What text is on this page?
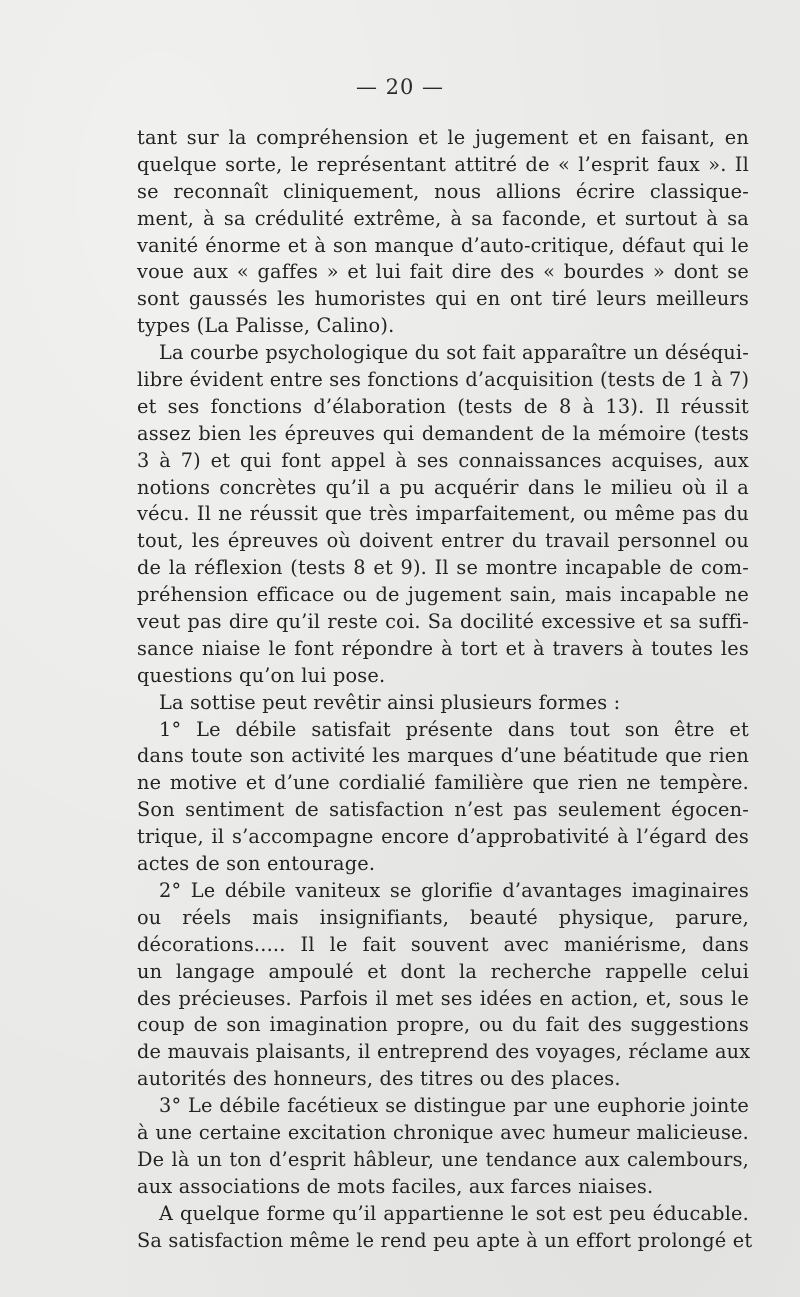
— 20 —
tant sur la compréhension et le jugement et en faisant, en
quelque sorte, le représentant attitré de « l’esprit faux ». Il
se reconnaît cliniquement, nous allions écrire classique-
ment, à sa crédulité extrême, à sa faconde, et surtout à sa
vanité énorme et à son manque d’auto-critique, défaut qui le
voue aux « gaffes » et lui fait dire des « bourdes » dont se
sont gaussés les humoristes qui en ont tiré leurs meilleurs
types (La Palisse, Calino).
La courbe psychologique du sot fait apparaître un déséqui-
libre évident entre ses fonctions d’acquisition (tests de 1 à 7)
et ses fonctions d’élaboration (tests de 8 à 13). Il réussit
assez bien les épreuves qui demandent de la mémoire (tests
3 à 7) et qui font appel à ses connaissances acquises, aux
notions concrètes qu’il a pu acquérir dans le milieu où il a
vécu. Il ne réussit que très imparfaitement, ou même pas du
tout, les épreuves où doivent entrer du travail personnel ou
de la réflexion (tests 8 et 9). Il se montre incapable de com-
préhension efficace ou de jugement sain, mais incapable ne
veut pas dire qu’il reste coi. Sa docilité excessive et sa suffi-
sance niaise le font répondre à tort et à travers à toutes les
questions qu’on lui pose.
La sottise peut revêtir ainsi plusieurs formes :
1° Le débile satisfait présente dans tout son être et
dans toute son activité les marques d’une béatitude que rien
ne motive et d’une cordialié familière que rien ne tempère.
Son sentiment de satisfaction n’est pas seulement égocen-
trique, il s’accompagne encore d’approbativité à l’égard des
actes de son entourage.
2° Le débile vaniteux se glorifie d’avantages imaginaires
ou réels mais insignifiants, beauté physique, parure,
décorations..... Il le fait souvent avec maniérisme, dans
un langage ampoulé et dont la recherche rappelle celui
des précieuses. Parfois il met ses idées en action, et, sous le
coup de son imagination propre, ou du fait des suggestions
de mauvais plaisants, il entreprend des voyages, réclame aux
autorités des honneurs, des titres ou des places.
3° Le débile facétieux se distingue par une euphorie jointe
à une certaine excitation chronique avec humeur malicieuse.
De là un ton d’esprit hâbleur, une tendance aux calembours,
aux associations de mots faciles, aux farces niaises.
A quelque forme qu’il appartienne le sot est peu éducable.
Sa satisfaction même le rend peu apte à un effort prolongé et
